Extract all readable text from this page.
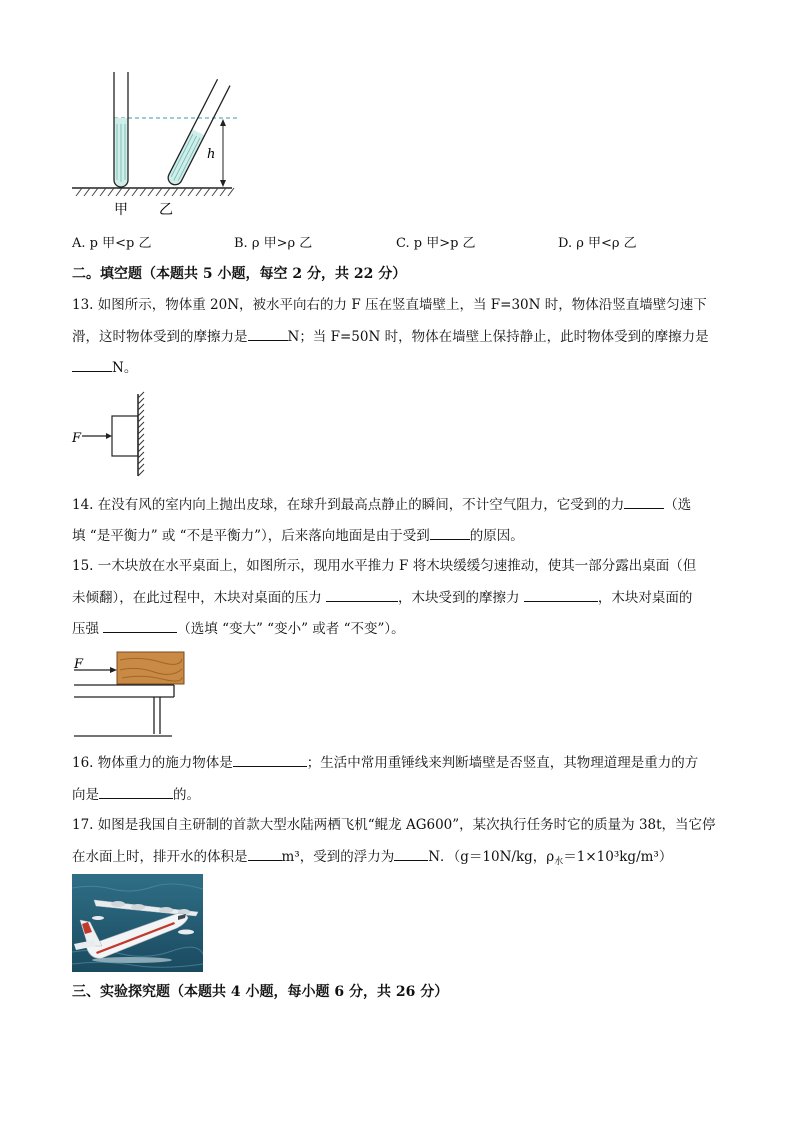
h
甲 乙
A. p 甲<p 乙	B. ρ 甲>ρ 乙	C. p 甲>p 乙	D. ρ 甲<ρ 乙
二。填空题（本题共 5 小题，每空 2 分，共 22 分）
13. 如图所示，物体重 20N，被水平向右的力 F 压在竖直墙壁上，当 F=30N 时，物体沿竖直墙壁匀速下
滑，这时物体受到的摩擦力是	N；当 F=50N 时，物体在墙壁上保持静止，此时物体受到的摩擦力是
N。
F
14. 在没有风的室内向上抛出皮球，在球升到最高点静止的瞬间，不计空气阻力，它受到的力	（选
填 “是平衡力” 或 “不是平衡力”），后来落向地面是由于受到	的原因。
15. 一木块放在水平桌面上，如图所示，现用水平推力 F 将木块缓缓匀速推动，使其一部分露出桌面（但
未倾翻），在此过程中，木块对桌面的压力	，木块受到的摩擦力	，木块对桌面的
压强	（选填 “变大” “变小” 或者 “不变”）。
F
16. 物体重力的施力物体是	；生活中常用重锤线来判断墙壁是否竖直，其物理道理是重力的方
向是	的。
17. 如图是我国自主研制的首款大型水陆两栖飞机“鲲龙 AG600”，某次执行任务时它的质量为 38t，当它停
在水面上时，排开水的体积是	m³，受到的浮力为	N．（g＝10N/kg，$\rho_水=1\times 10^3kg/m^3$）
三、实验探究题（本题共 4 小题，每小题 6 分，共 26 分）
